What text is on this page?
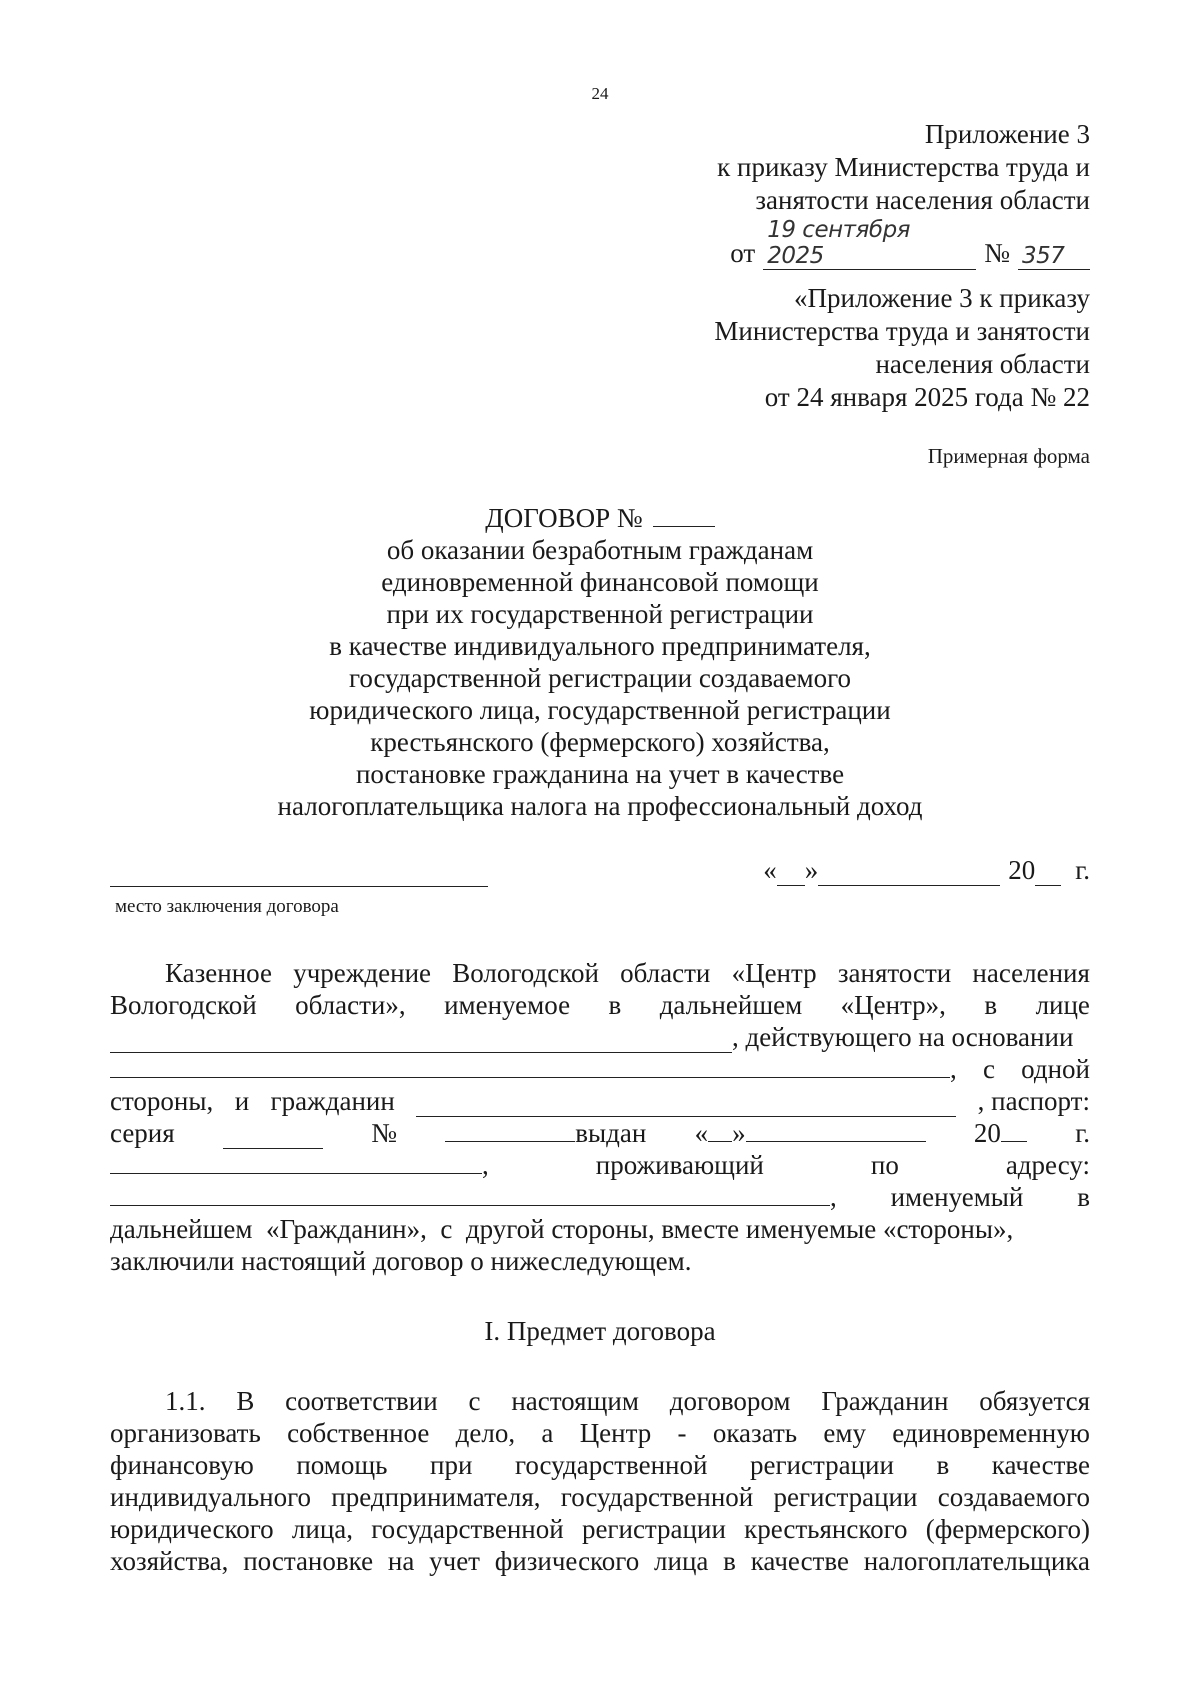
24
Приложение 3
к приказу Министерства труда и
занятости населения области
от
19 сентября 2025	№ 357
«Приложение 3 к приказу
Министерства труда и занятости
населения области
от 24 января 2025 года № 22
Примерная форма
ДОГОВОР №
об оказании безработным гражданам
единовременной финансовой помощи
при их государственной регистрации
в качестве индивидуального предпринимателя,
государственной регистрации создаваемого
юридического лица, государственной регистрации
крестьянского (фермерского) хозяйства,
постановке гражданина на учет в качестве
налогоплательщика налога на профессиональный доход
место заключения договора
« »	20 г.
Казенное учреждение Вологодской области «Центр занятости населения
Вологодской области», именуемое в дальнейшем «Центр», в лице
, действующего на основании
, с одной
стороны, и гражданин	, паспорт:
серия	№	выдан « »	20	г.
,	проживающий	по	адресу:
, именуемый в
дальнейшем  «Гражданин»,  с  другой стороны, вместе именуемые «стороны»,
заключили настоящий договор о нижеследующем.
I. Предмет договора
1.1. В соответствии с настоящим договором Гражданин обязуется
организовать собственное дело, а Центр - оказать ему единовременную
финансовую помощь при государственной регистрации в качестве
индивидуального предпринимателя, государственной регистрации создаваемого
юридического лица, государственной регистрации крестьянского (фермерского)
хозяйства, постановке на учет физического лица в качестве налогоплательщика
